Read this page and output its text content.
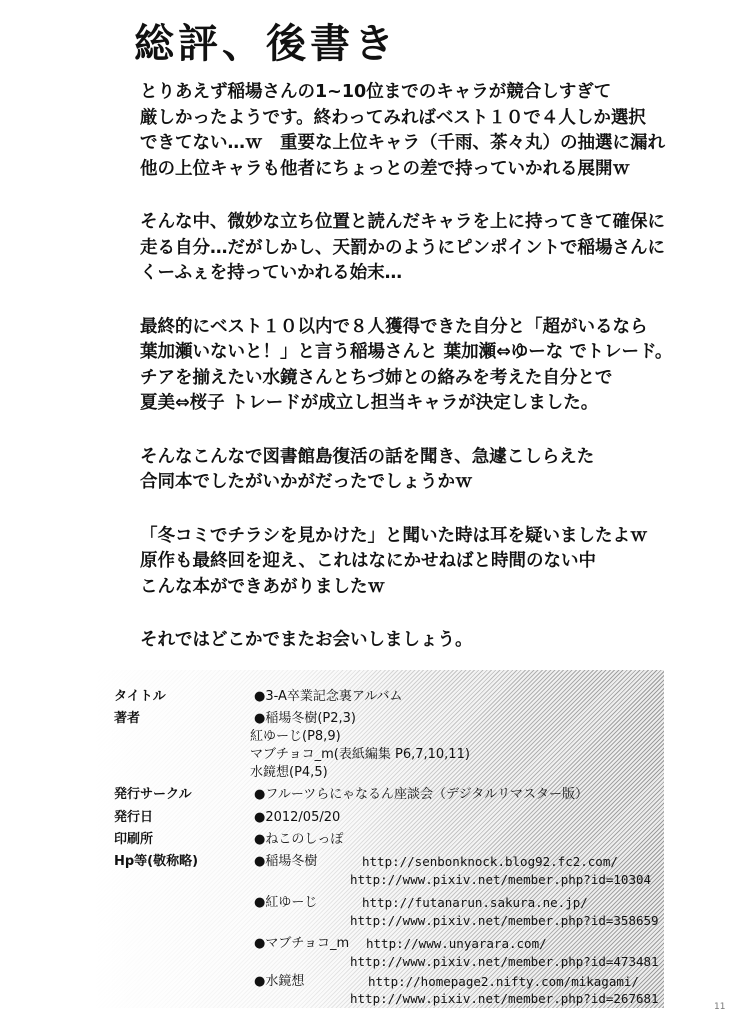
総評、後書き
とりあえず稲場さんの1~10位までのキャラが競合しすぎて
厳しかったようです。終わってみればベスト１０で４人しか選択
できてない…ｗ　重要な上位キャラ（千雨、茶々丸）の抽選に漏れ
他の上位キャラも他者にちょっとの差で持っていかれる展開ｗ
そんな中、微妙な立ち位置と読んだキャラを上に持ってきて確保に
走る自分…だがしかし、天罰かのようにピンポイントで稲場さんに
くーふぇを持っていかれる始末…
最終的にベスト１０以内で８人獲得できた自分と「超がいるなら
葉加瀬いないと！」と言う稲場さんと 葉加瀬⇔ゆーな でトレード。
チアを揃えたい水鏡さんとちづ姉との絡みを考えた自分とで
夏美⇔桜子 トレードが成立し担当キャラが決定しました。
そんなこんなで図書館島復活の話を聞き、急遽こしらえた
合同本でしたがいかがだったでしょうかｗ
「冬コミでチラシを見かけた」と聞いた時は耳を疑いましたよｗ
原作も最終回を迎え、これはなにかせねばと時間のない中
こんな本ができあがりましたｗ
それではどこかでまたお会いしましょう。
タイトル	●3-A卒業記念裏アルバム
著者	●稲場冬樹(P2,3)
紅ゆーじ(P8,9)
マブチョコ_m(表紙編集 P6,7,10,11)
水鏡想(P4,5)
発行サークル	●フルーツらにゃなるん座談会（デジタルリマスター版）
発行日	●2012/05/20
印刷所	●ねこのしっぽ
Hp等(敬称略)	●稲場冬樹	http://senbonknock.blog92.fc2.com/
http://www.pixiv.net/member.php?id=10304
●紅ゆーじ	http://futanarun.sakura.ne.jp/
http://www.pixiv.net/member.php?id=358659
●マブチョコ_m http://www.unyarara.com/
http://www.pixiv.net/member.php?id=473481
●水鏡想	http://homepage2.nifty.com/mikagami/
http://www.pixiv.net/member.php?id=267681
11
